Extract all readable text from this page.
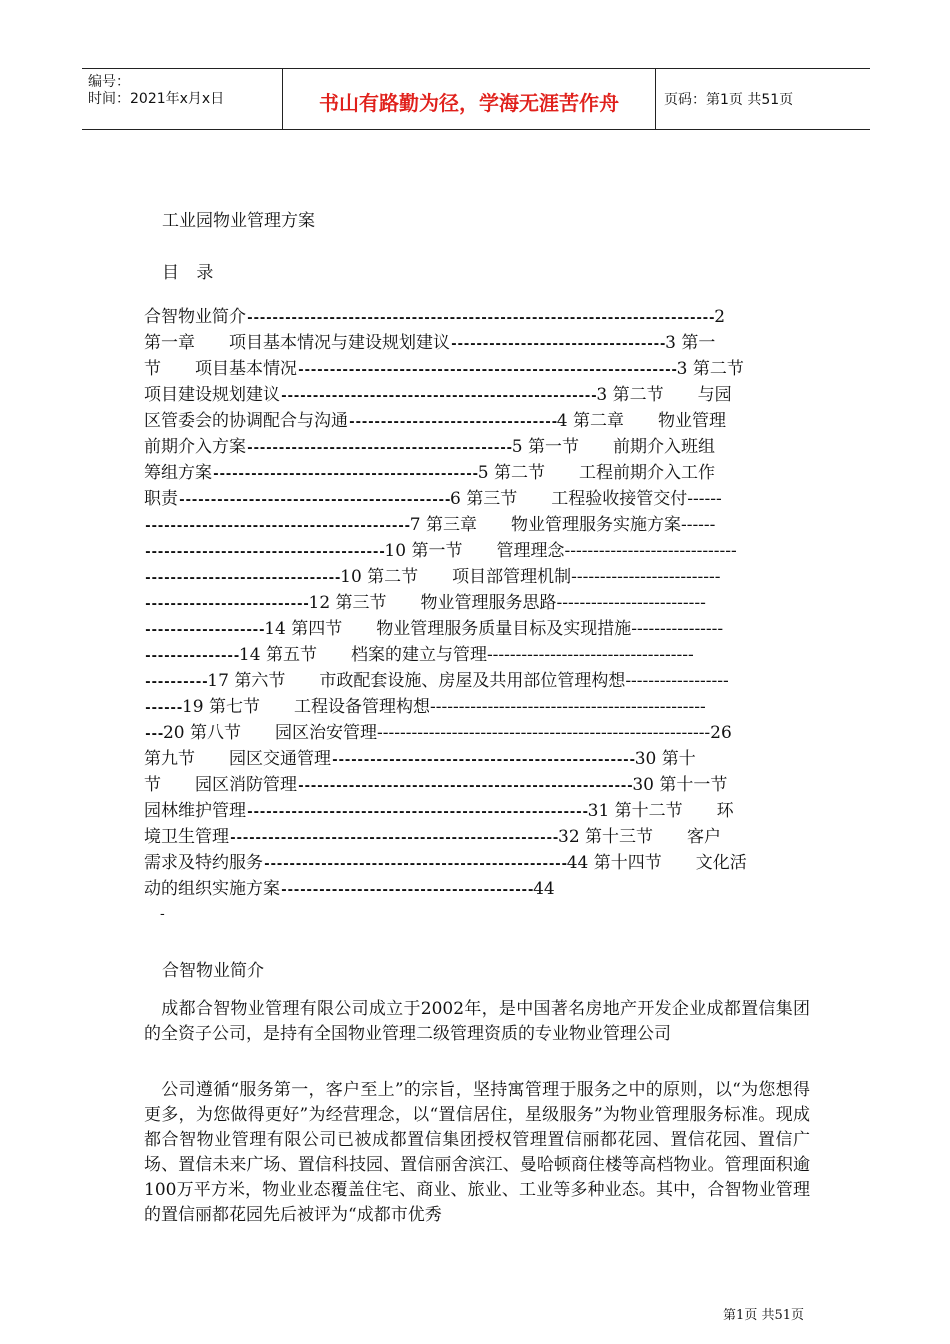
编号：
时间：2021年x月x日	书山有路勤为径，学海无涯苦作舟	页码：第1页 共51页
工业园物业管理方案
目 录
合智物业简介--------------------------------------------------------------------------2
第一章　　项目基本情况与建设规划建议----------------------------------3 第一
节　　项目基本情况------------------------------------------------------------3 第二节
项目建设规划建议--------------------------------------------------3 第二节　　与园
区管委会的协调配合与沟通---------------------------------4 第二章　　物业管理
前期介入方案------------------------------------------5 第一节　　前期介入班组
筹组方案------------------------------------------5 第二节　　工程前期介入工作
职责-------------------------------------------6 第三节　　工程验收接管交付------
------------------------------------------7 第三章　　物业管理服务实施方案------
--------------------------------------10 第一节　　管理理念------------------------------
-------------------------------10 第二节　　项目部管理机制--------------------------
--------------------------12 第三节　　物业管理服务思路--------------------------
-------------------14 第四节　　物业管理服务质量目标及实现措施----------------
---------------14 第五节　　档案的建立与管理------------------------------------
----------17 第六节　　市政配套设施、房屋及共用部位管理构想------------------
------19 第七节　　工程设备管理构想------------------------------------------------
---20 第八节　　园区治安管理----------------------------------------------------------26
第九节　　园区交通管理------------------------------------------------30 第十
节　　园区消防管理-----------------------------------------------------30 第十一节
园林维护管理------------------------------------------------------31 第十二节　　环
境卫生管理----------------------------------------------------32 第十三节　　客户
需求及特约服务------------------------------------------------44 第十四节　　文化活
动的组织实施方案----------------------------------------44
-
合智物业简介
　成都合智物业管理有限公司成立于2002年，是中国著名房地产开发企业成都置信集团的全资子公司，是持有全国物业管理二级管理资质的专业物业管理公司
　公司遵循“服务第一，客户至上”的宗旨，坚持寓管理于服务之中的原则，以“为您想得更多，为您做得更好”为经营理念，以“置信居住，星级服务”为物业管理服务标准。现成都合智物业管理有限公司已被成都置信集团授权管理置信丽都花园、置信花园、置信广场、置信未来广场、置信科技园、置信丽舍滨江、曼哈顿商住楼等高档物业。管理面积逾100万平方米，物业业态覆盖住宅、商业、旅业、工业等多种业态。其中，合智物业管理的置信丽都花园先后被评为“成都市优秀
第1页 共51页
